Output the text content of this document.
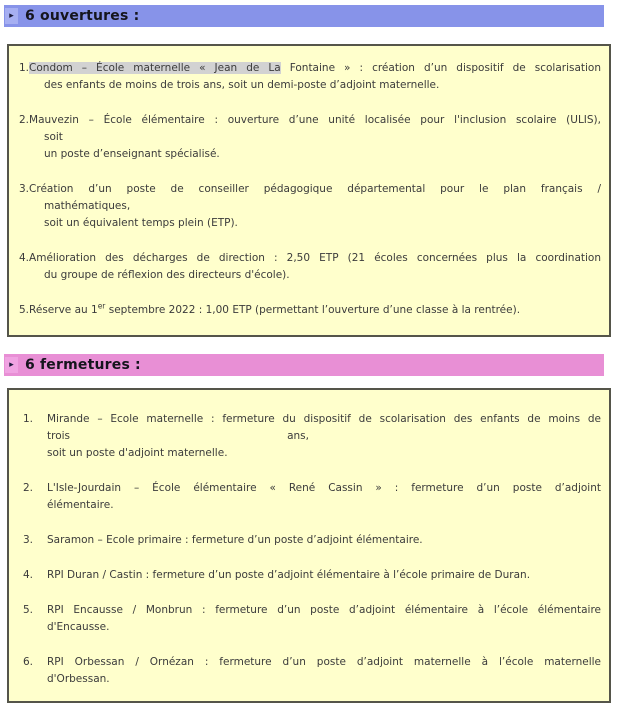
▸ 6 ouvertures :
1.Condom – École maternelle « Jean de La Fontaine » : création d’un dispositif de scolarisation
des enfants de moins de trois ans, soit un demi-poste d’adjoint maternelle.
2.Mauvezin – École élémentaire : ouverture d’une unité localisée pour l'inclusion scolaire (ULIS),
soit
un poste d’enseignant spécialisé.
3.Création d’un poste de conseiller pédagogique départemental pour le plan français /
mathématiques,
soit un équivalent temps plein (ETP).
4.Amélioration des décharges de direction : 2,50 ETP (21 écoles concernées plus la coordination
du groupe de réflexion des directeurs d'école).
5.Réserve au 1er septembre 2022 : 1,00 ETP (permettant l’ouverture d’une classe à la rentrée).
▸ 6 fermetures :
1.	Mirande – Ecole maternelle : fermeture du dispositif de scolarisation des enfants de moins de
trois	ans,
soit un poste d'adjoint maternelle.
2.	L'Isle-Jourdain – École élémentaire « René Cassin » : fermeture d’un poste d’adjoint
élémentaire.
3.	Saramon – Ecole primaire : fermeture d’un poste d’adjoint élémentaire.
4.	RPI Duran / Castin : fermeture d’un poste d’adjoint élémentaire à l’école primaire de Duran.
5.	RPI Encausse / Monbrun : fermeture d’un poste d’adjoint élémentaire à l’école élémentaire
d'Encausse.
6.	RPI Orbessan / Ornézan : fermeture d’un poste d’adjoint maternelle à l’école maternelle
d'Orbessan.
